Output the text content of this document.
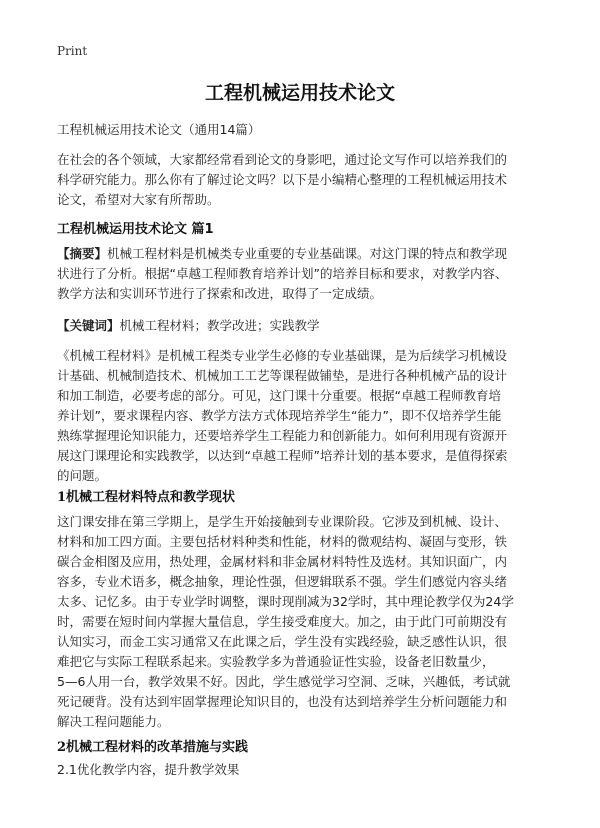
Print
工程机械运用技术论文
工程机械运用技术论文（通用14篇）
在社会的各个领域，大家都经常看到论文的身影吧，通过论文写作可以培养我们的
科学研究能力。那么你有了解过论文吗？以下是小编精心整理的工程机械运用技术
论文，希望对大家有所帮助。
工程机械运用技术论文 篇1
【摘要】机械工程材料是机械类专业重要的专业基础课。对这门课的特点和教学现
状进行了分析。根据“卓越工程师教育培养计划”的培养目标和要求，对教学内容、
教学方法和实训环节进行了探索和改进，取得了一定成绩。
【关键词】机械工程材料；教学改进；实践教学
《机械工程材料》是机械工程类专业学生必修的专业基础课，是为后续学习机械设
计基础、机械制造技术、机械加工工艺等课程做铺垫，是进行各种机械产品的设计
和加工制造，必要考虑的部分。可见，这门课十分重要。根据“卓越工程师教育培
养计划”，要求课程内容、教学方法方式体现培养学生“能力”，即不仅培养学生能
熟练掌握理论知识能力，还要培养学生工程能力和创新能力。如何利用现有资源开
展这门课理论和实践教学，以达到“卓越工程师”培养计划的基本要求，是值得探索
的问题。
1机械工程材料特点和教学现状
这门课安排在第三学期上，是学生开始接触到专业课阶段。它涉及到机械、设计、
材料和加工四方面。主要包括材料种类和性能，材料的微观结构、凝固与变形，铁
碳合金相图及应用，热处理，金属材料和非金属材料特性及选材。其知识面广，内
容多，专业术语多，概念抽象，理论性强，但逻辑联系不强。学生们感觉内容头绪
太多、记忆多。由于专业学时调整，课时现削减为32学时，其中理论教学仅为24学
时，需要在短时间内掌握大量信息，学生接受难度大。加之，由于此门可前期没有
认知实习，而金工实习通常又在此课之后，学生没有实践经验，缺乏感性认识，很
难把它与实际工程联系起来。实验教学多为普通验证性实验，设备老旧数量少，
5—6人用一台，教学效果不好。因此，学生感觉学习空洞、乏味，兴趣低，考试就
死记硬背。没有达到牢固掌握理论知识目的，也没有达到培养学生分析问题能力和
解决工程问题能力。
2机械工程材料的改革措施与实践
2.1优化教学内容，提升教学效果
